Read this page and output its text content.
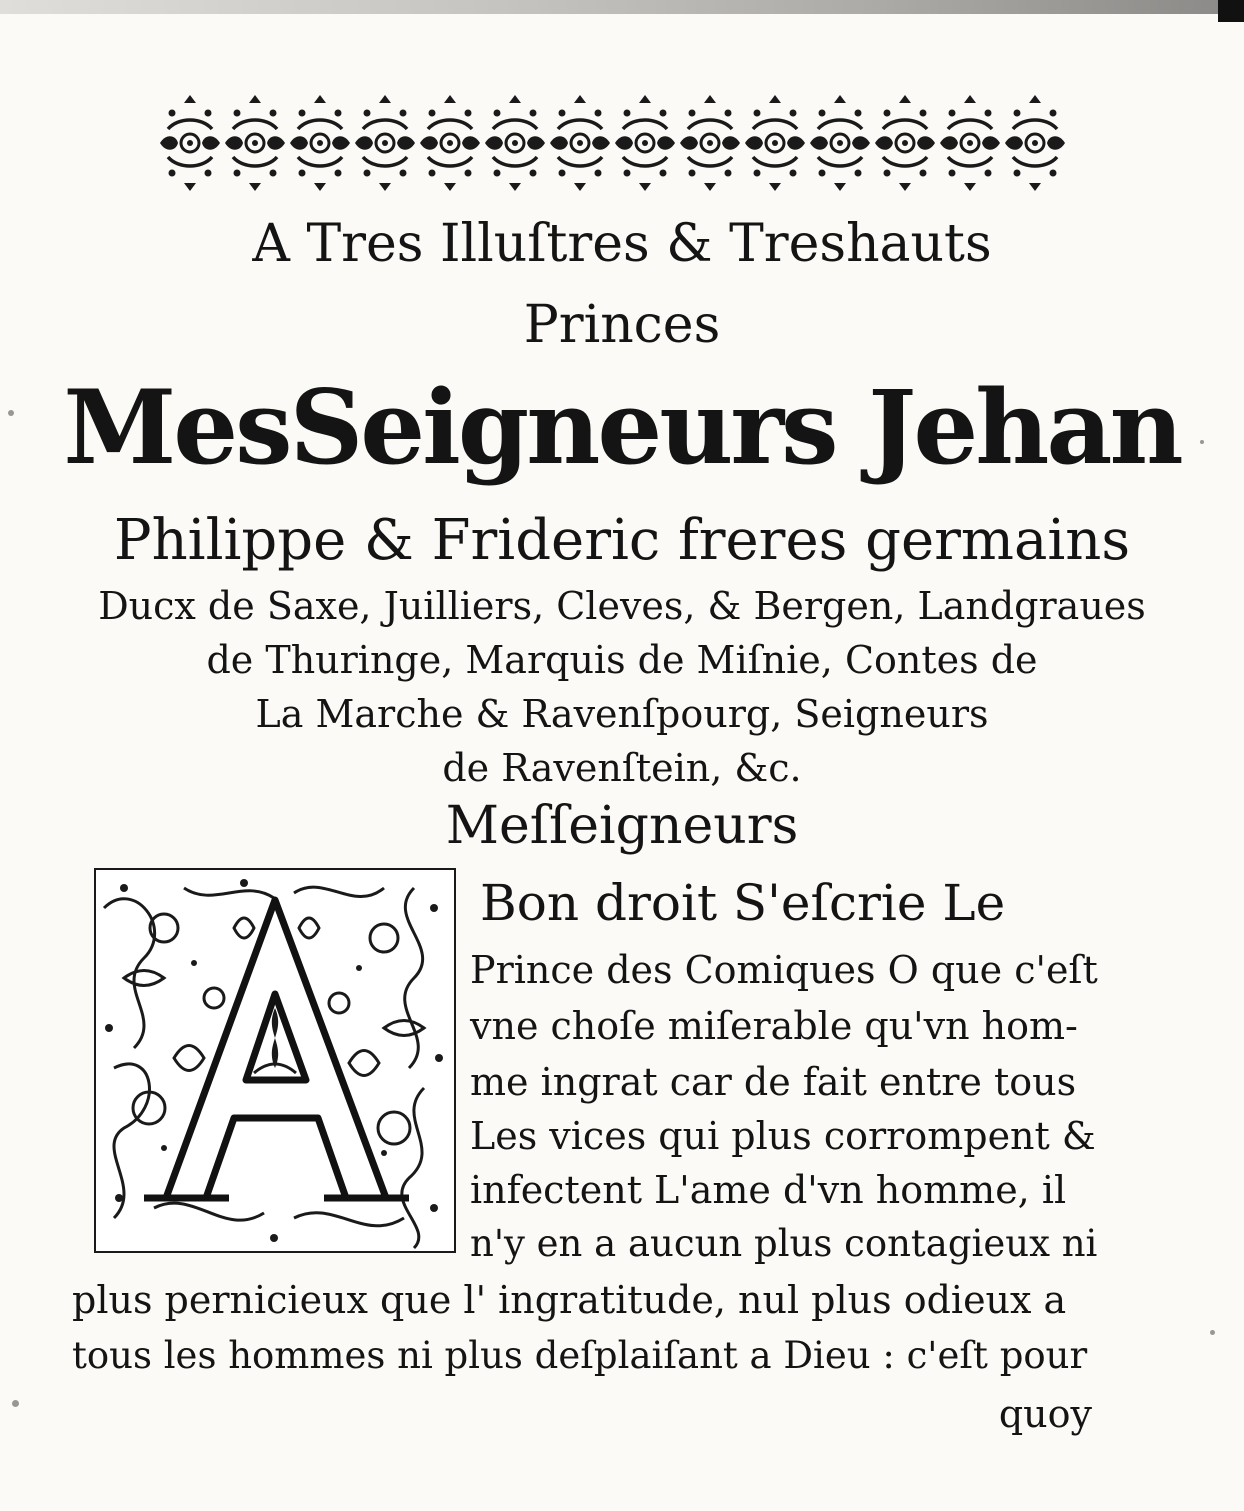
A Tres Illuſtres & Treshauts
Princes
MesSeigneurs Jehan
Philippe & Frideric freres germains
Ducx de Saxe, Juilliers, Cleves, & Bergen, Landgraues
de Thuringe, Marquis de Miſnie, Contes de
La Marche & Ravenſpourg, Seigneurs
de Ravenſtein, &c.
Meſſeigneurs
Bon droit S'eſcrie Le
Prince des Comiques O que c'eſt
vne choſe miſerable qu'vn hom-
me ingrat car de fait entre tous
Les vices qui plus corrompent &
infectent L'ame d'vn homme, il
n'y en a aucun plus contagieux ni
plus pernicieux que l' ingratitude, nul plus odieux a
tous les hommes ni plus deſplaiſant a Dieu : c'eſt pour
quoy
